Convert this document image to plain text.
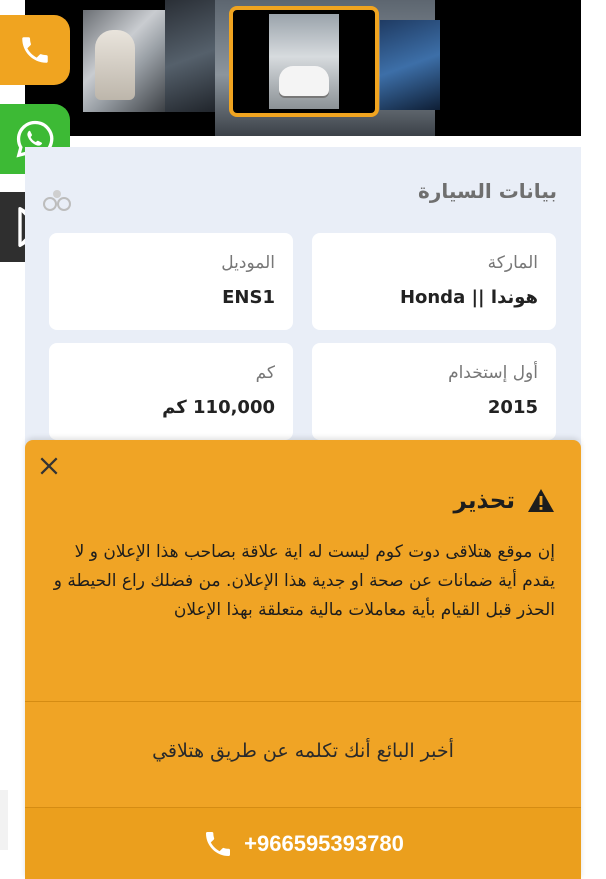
بيانات السيارة
الماركة
هوندا || Honda
الموديل
ENS1
أول إستخدام
2015
كم
110,000 كم
تحذير
إن موقع هتلاقى دوت كوم ليست له اية علاقة بصاحب هذا الإعلان و لا يقدم أية ضمانات عن صحة او جدية هذا الإعلان. من فضلك راع الحيطة و الحذر قبل القيام بأية معاملات مالية متعلقة بهذا الإعلان
أخبر البائع أنك تكلمه عن طريق هتلاقي
+966595393780
